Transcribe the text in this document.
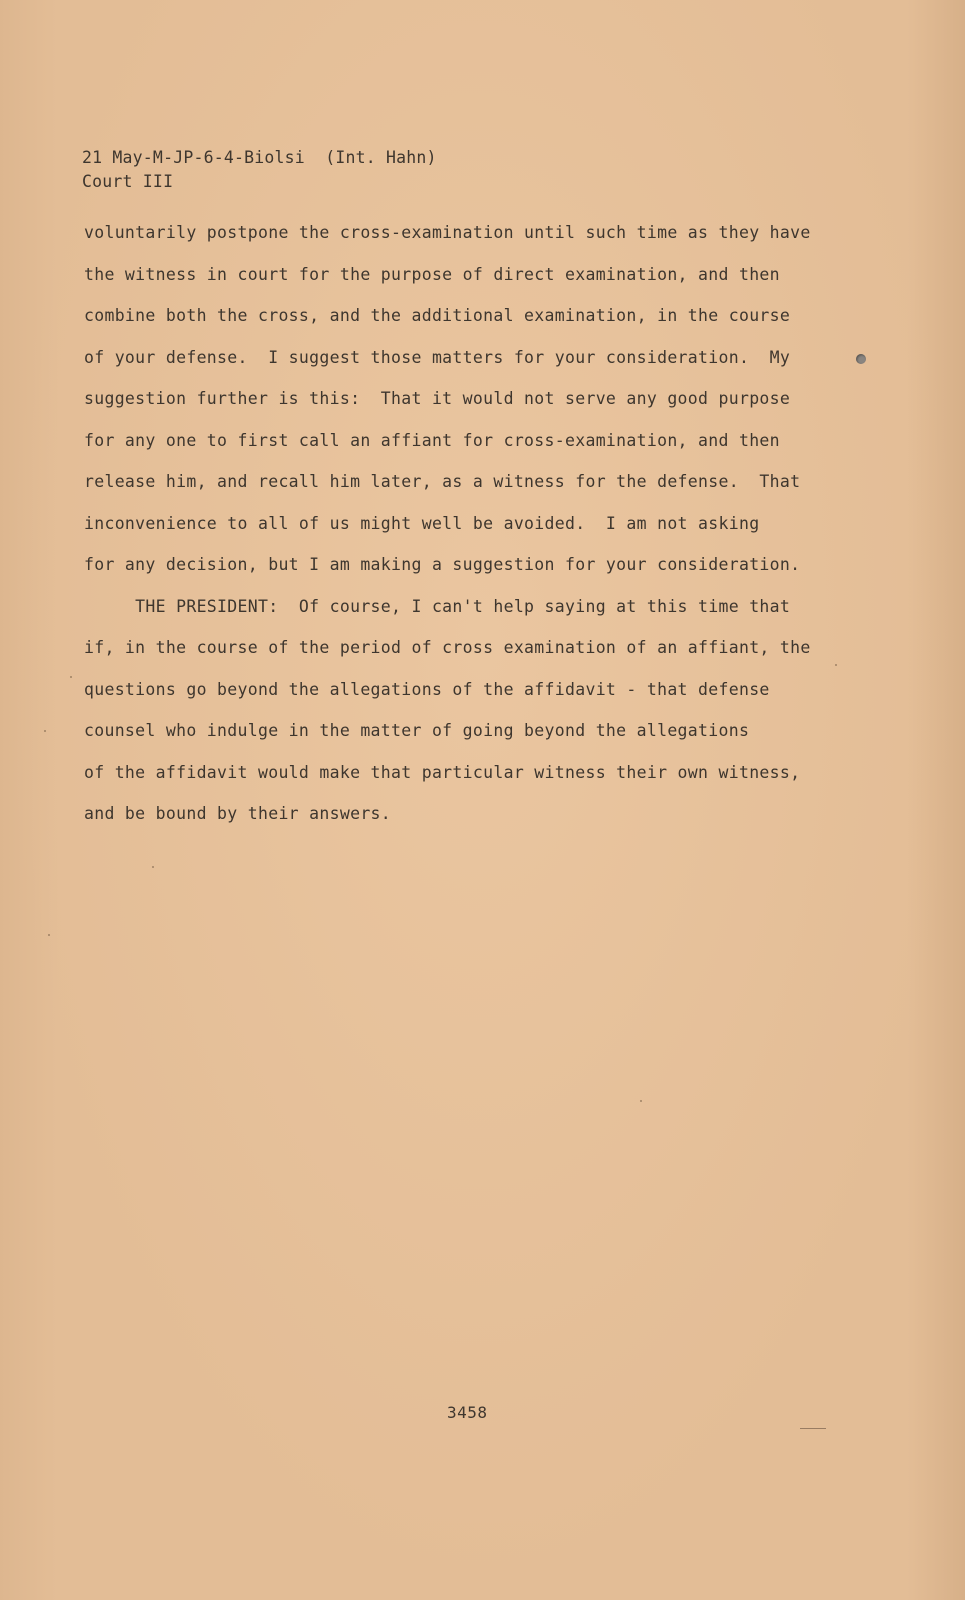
21 May-M-JP-6-4-Biolsi  (Int. Hahn)
Court III
voluntarily postpone the cross-examination until such time as they have
the witness in court for the purpose of direct examination, and then
combine both the cross, and the additional examination, in the course
of your defense.  I suggest those matters for your consideration.  My
suggestion further is this:  That it would not serve any good purpose
for any one to first call an affiant for cross-examination, and then
release him, and recall him later, as a witness for the defense.  That
inconvenience to all of us might well be avoided.  I am not asking
for any decision, but I am making a suggestion for your consideration.
THE PRESIDENT:  Of course, I can't help saying at this time that
if, in the course of the period of cross examination of an affiant, the
questions go beyond the allegations of the affidavit - that defense
counsel who indulge in the matter of going beyond the allegations
of the affidavit would make that particular witness their own witness,
and be bound by their answers.
3458
